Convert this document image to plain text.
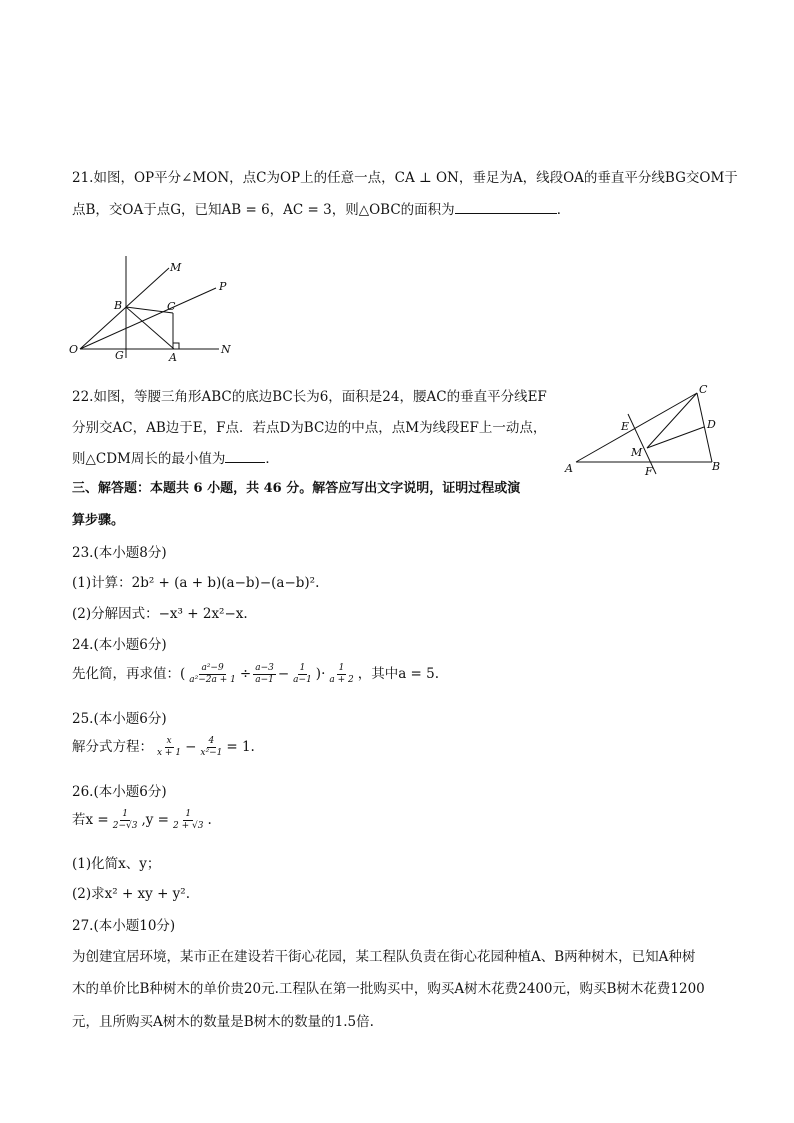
21.如图，OP平分∠MON，点C为OP上的任意一点，CA ⊥ ON，垂足为A，线段OA的垂直平分线BG交OM于
点B，交OA于点G，已知AB = 6，AC = 3，则△OBC的面积为	．
M
P
B	C
O	G	A
N
22.如图，等腰三角形ABC的底边BC长为6，面积是24，腰AC的垂直平分线EF
分别交AC，AB边于E，F点．若点D为BC边的中点，点M为线段EF上一动点，
则△CDM周长的最小值为	．
C
E	D
M
A	F	B
三、解答题：本题共 6 小题，共 46 分。解答应写出文字说明，证明过程或演
算步骤。
23.(本小题8分)
(1)计算：2b² + (a + b)(a−b)−(a−b)².
(2)分解因式：−x³ + 2x²−x.
24.(本小题6分)
先化简，再求值：( $\frac{\text{a²−9}}{\text{a²−2a + 1}} \div \frac{a-3}{a-1} - \frac{1}{a-1}$ )· $\frac{1}{a + 2}$ ，其中a = 5.
25.(本小题6分)
解分式方程： $\frac{x}{x + 1} - \frac{4}{\text{x²−1}} = 1$.
26.(本小题6分)
若$x = \frac{1}{2-√3} ,y = \frac{1}{2 + √3}$ .
(1)化简x、y；
(2)求x² + xy + y².
27.(本小题10分)
为创建宜居环境，某市正在建设若干街心花园，某工程队负责在街心花园种植A、B两种树木，已知A种树
木的单价比B种树木的单价贵20元.工程队在第一批购买中，购买A树木花费2400元，购买B树木花费1200
元，且所购买A树木的数量是B树木的数量的1.5倍.
